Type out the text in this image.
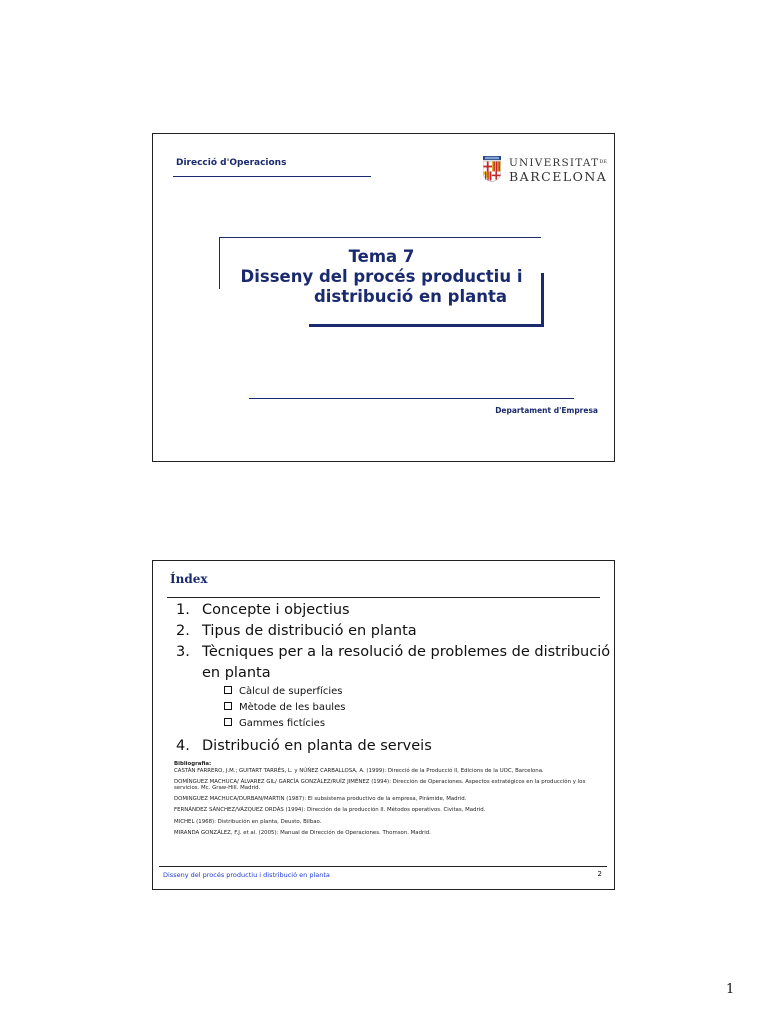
Direcció d'Operacions	$UNIVERSITAT^{DE}$
BARCELONA
Tema 7
Disseny del procés productiu i
distribució en planta
Departament d'Empresa
Índex
1. Concepte i objectius
2. Tipus de distribució en planta
3. Tècniques per a la resolució de problemes de distribució en planta
Càlcul de superfícies
Mètode de les baules
Gammes fictícies
4. Distribució en planta de serveis
Bibliografia:
CASTÁN FARRERO, J.M.; GUITART TARRÉS, L. y NÚÑEZ CARBALLOSA, A. (1999): Direcció de la Producció II, Edicions de la UOC, Barcelona.
DOMÍNGUEZ MACHUCA/ ÁLVAREZ GIL/ GARCÍA GONZÁLEZ/RUÍZ JIMÉNEZ (1994): Dirección de Operaciones. Aspectos estratégicos en la producción y los servicios. Mc. Graw-Hill. Madrid.
DOMINGUEZ MACHUCA/DURBAN/MARTIN (1987): El subsistema productivo de la empresa, Pirámide, Madrid.
FERNÁNDEZ SÁNCHEZ/VÁZQUEZ ORDÁS (1994): Dirección de la producción II. Métodos operativos. Civitas, Madrid.
MICHEL (1968): Distribución en planta, Deusto, Bilbao.
MIRANDA GONZÁLEZ, F.J. et al. (2005): Manual de Dirección de Operaciones. Thomson. Madrid.
Disseny del procés productiu i distribució en planta	2
1
